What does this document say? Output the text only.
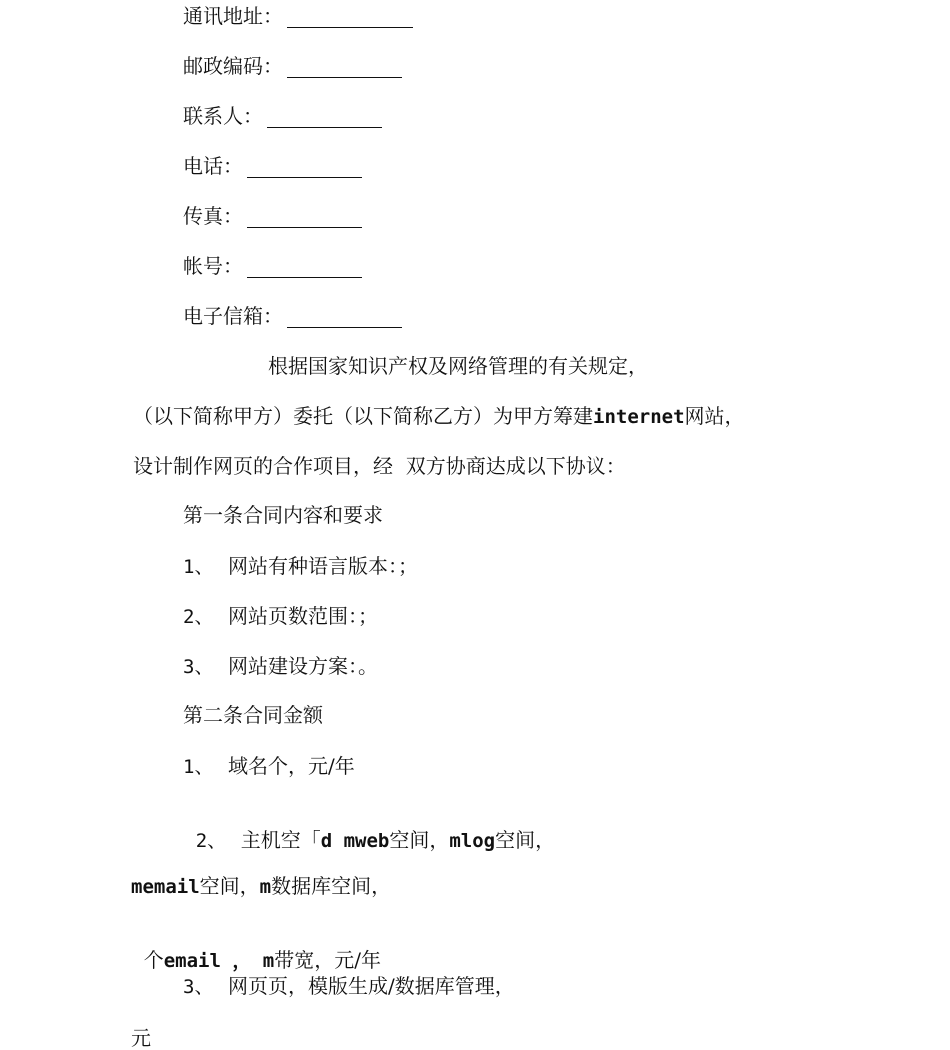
通讯地址：
邮政编码：
联系人：
电话：
传真：
帐号：
电子信箱：
根据国家知识产权及网络管理的有关规定，
（以下简称甲方）委托（以下简称乙方）为甲方筹建internet网站，
设计制作网页的合作项目，经  双方协商达成以下协议：
第一条合同内容和要求
1、 网站有种语言版本：；
2、 网站页数范围：；
3、 网站建设方案：。
第二条合同金额
1、 域名个，元/年

2、 主机空「d mweb空间，mlog空间，

memail空间，m数据库空间，

个email ， m带宽，元/年

3、 网页页，模版生成/数据库管理，
元
